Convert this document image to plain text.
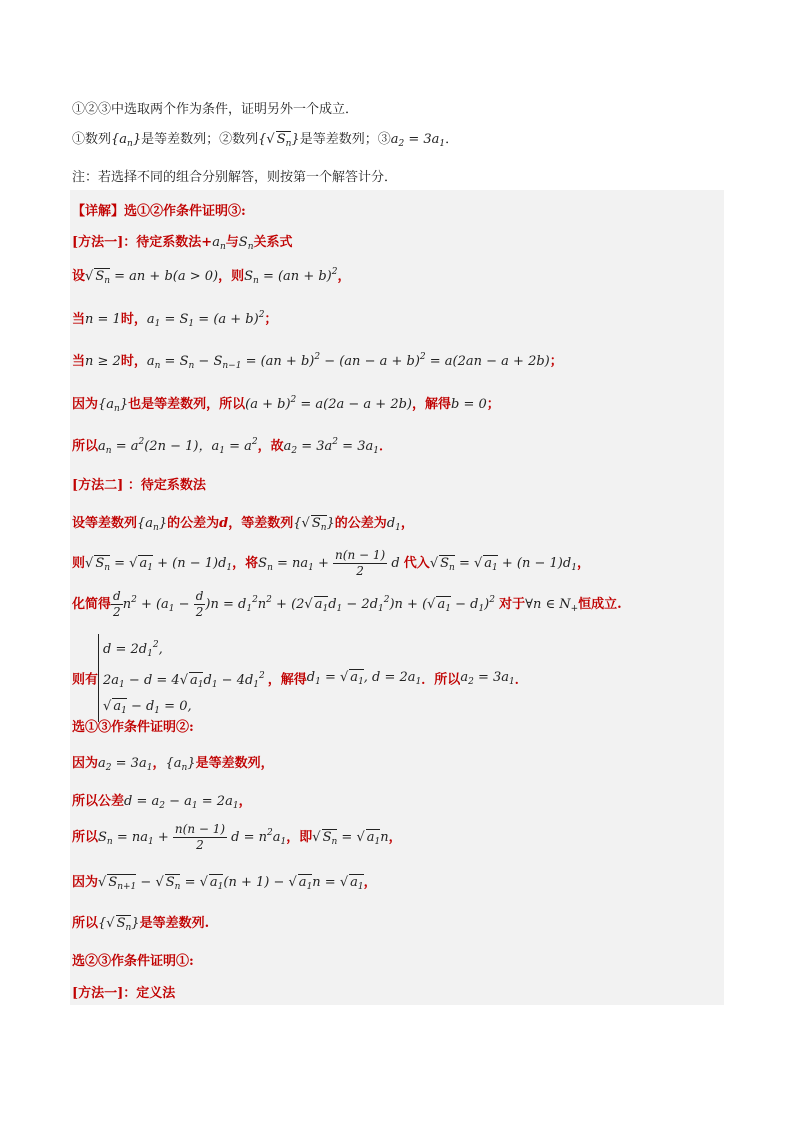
①②③中选取两个作为条件，证明另外一个成立．
①数列$\{a_n\}$是等差数列；②数列{√ $S_n$}是等差数列；$③a_2 = 3a_1$．
注：若选择不同的组合分别解答，则按第一个解答计分．
【详解】选①②作条件证明③:
[方法一]：待定系数法$+a_n$与$S_n$关系式
设√ $S_n$ = an + b(a > 0)，则$S_n = (an + b)^2$，
当n = 1时，$a_1 = S_1 = (a + b)^2$；
当n ≥ 2时，$a_n = S_n - S_{n-1} = (an + b)^2 - (an - a + b)^2 = a(2an - a + 2b)$；
因为$\{a_n\}$也是等差数列，所以$(a + b)^2 = a(2a - a + 2b)$，解得b = 0；
所以$a_n = a^2(2n - 1)$，$a_1 = a^2$，故$a_2 = 3a^2 = 3a_1$．
[方法二] ：待定系数法
设等差数列$\{a_n\}$的公差为d，等差数列{√ $S_n$}的公差为$d_1$，
则√ $S_n$ = √ $a_1 + (n - 1)d_1$，将$S_n = na_1 + \frac{n(n - 1)}{2}$ d 代入√ $S_n$ = √ $a_1 + (n - 1)d_1$，
化简得 $\frac{d}{2} n^2 + (a_1 - \frac{d}{2} )n = d_1^2n^2 + (2√$ $a_1d_1 - 2d_1^2)n$ + (√ $a_1 - d_1)^2$ 对于∀n ∈ $N_+$恒成立.
则有
$d = 2d_1^2$,
$2a_1 - d = 4√$ $a_1d_1 - 4d_1^2$
√ $a_1 - d_1 = 0$,
，解得$d_1$ = √ $a_1$, $d = 2a_1$．所以$a_2 = 3a_1$．
选①③作条件证明②:
因为$a_2 = 3a_1$，$\{a_n\}$是等差数列，
所以公差$d = a_2 - a_1 = 2a_1$，
所以$S_n = na_1 + \frac{n(n - 1)}{2}$ $d = n^2a_1$，即√ $S_n$ = √ $a_1n$，
因为√ $S_{n+1}$ − √ $S_n$ = √ $a_1(n + 1)$ − √ $a_1n$ = √ $a_1$，
所以{√ $S_n$}是等差数列.
选②③作条件证明①:
[方法一]：定义法
